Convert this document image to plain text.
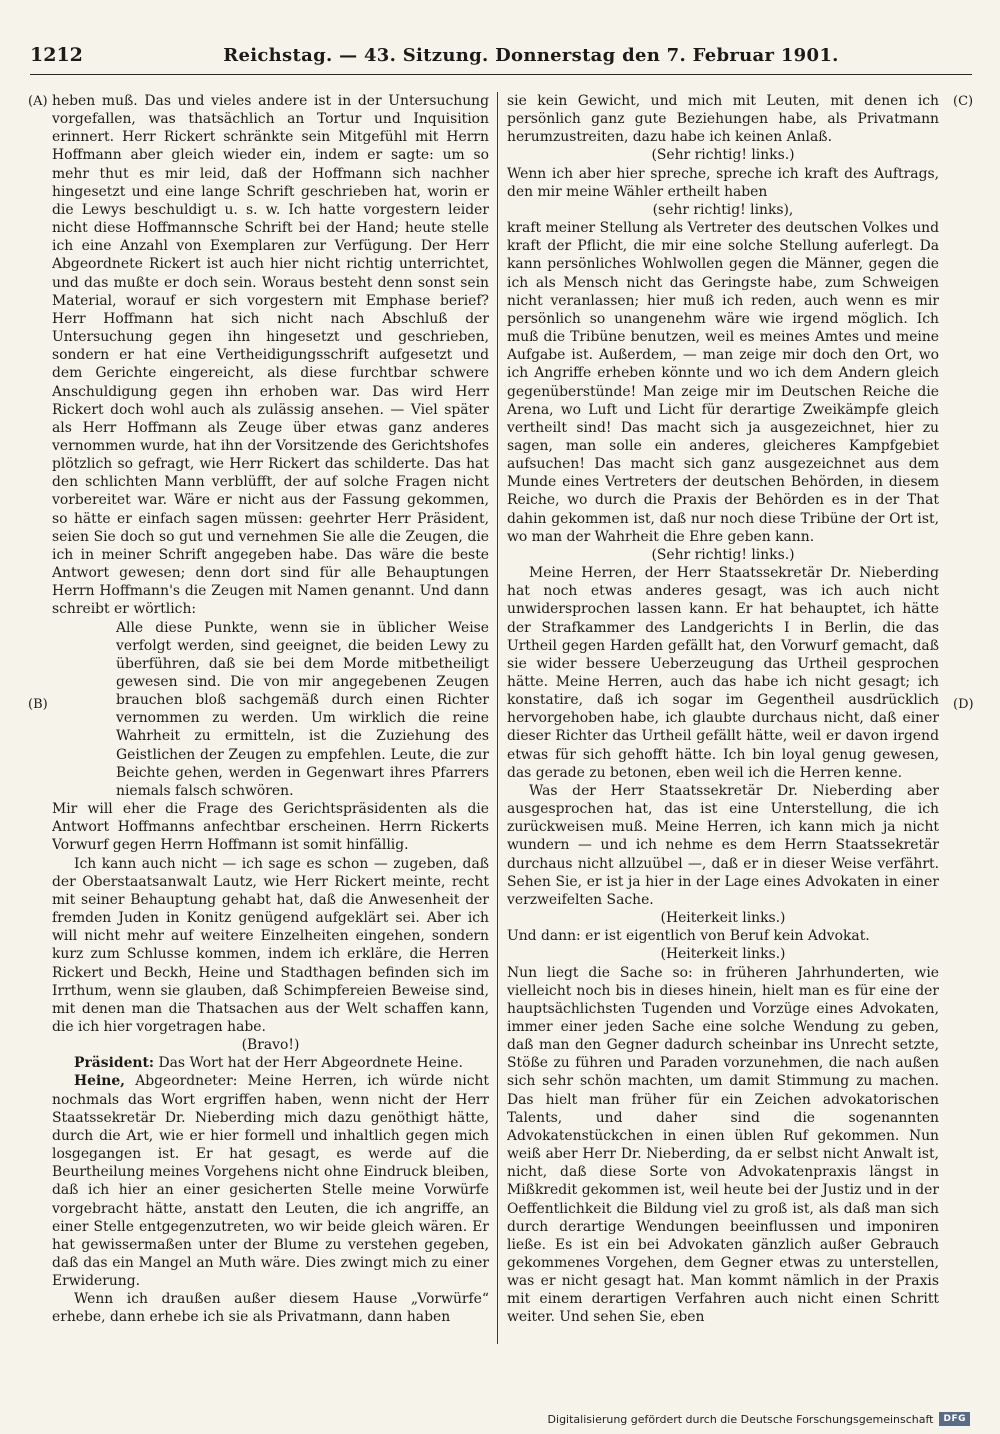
1212	Reichstag. — 43. Sitzung. Donnerstag den 7. Februar 1901.
(A)
(B)
(C)
(D)

heben muß. Das und vieles andere ist in der Untersuchung vorgefallen, was thatsächlich an Tortur und Inquisition erinnert. Herr Rickert schränkte sein Mitgefühl mit Herrn Hoffmann aber gleich wieder ein, indem er sagte: um so mehr thut es mir leid, daß der Hoffmann sich nachher hingesetzt und eine lange Schrift geschrieben hat, worin er die Lewys beschuldigt u. s. w. Ich hatte vorgestern leider nicht diese Hoffmannsche Schrift bei der Hand; heute stelle ich eine Anzahl von Exemplaren zur Verfügung. Der Herr Abgeordnete Rickert ist auch hier nicht richtig unterrichtet, und das mußte er doch sein. Woraus besteht denn sonst sein Material, worauf er sich vorgestern mit Emphase berief? Herr Hoffmann hat sich nicht nach Abschluß der Untersuchung gegen ihn hingesetzt und geschrieben, sondern er hat eine Vertheidigungsschrift aufgesetzt und dem Gerichte eingereicht, als diese furchtbar schwere Anschuldigung gegen ihn erhoben war. Das wird Herr Rickert doch wohl auch als zulässig ansehen. — Viel später als Herr Hoffmann als Zeuge über etwas ganz anderes vernommen wurde, hat ihn der Vorsitzende des Gerichtshofes plötzlich so gefragt, wie Herr Rickert das schilderte. Das hat den schlichten Mann verblüfft, der auf solche Fragen nicht vorbereitet war. Wäre er nicht aus der Fassung gekommen, so hätte er einfach sagen müssen: geehrter Herr Präsident, seien Sie doch so gut und vernehmen Sie alle die Zeugen, die ich in meiner Schrift angegeben habe. Das wäre die beste Antwort gewesen; denn dort sind für alle Behauptungen Herrn Hoffmann's die Zeugen mit Namen genannt. Und dann schreibt er wörtlich:

Alle diese Punkte, wenn sie in üblicher Weise verfolgt werden, sind geeignet, die beiden Lewy zu überführen, daß sie bei dem Morde mitbetheiligt gewesen sind. Die von mir angegebenen Zeugen brauchen bloß sachgemäß durch einen Richter vernommen zu werden. Um wirklich die reine Wahrheit zu ermitteln, ist die Zuziehung des Geistlichen der Zeugen zu empfehlen. Leute, die zur Beichte gehen, werden in Gegenwart ihres Pfarrers niemals falsch schwören.

Mir will eher die Frage des Gerichtspräsidenten als die Antwort Hoffmanns anfechtbar erscheinen. Herrn Rickerts Vorwurf gegen Herrn Hoffmann ist somit hinfällig.

Ich kann auch nicht — ich sage es schon — zugeben, daß der Oberstaatsanwalt Lautz, wie Herr Rickert meinte, recht mit seiner Behauptung gehabt hat, daß die Anwesenheit der fremden Juden in Konitz genügend aufgeklärt sei. Aber ich will nicht mehr auf weitere Einzelheiten eingehen, sondern kurz zum Schlusse kommen, indem ich erkläre, die Herren Rickert und Beckh, Heine und Stadthagen befinden sich im Irrthum, wenn sie glauben, daß Schimpfereien Beweise sind, mit denen man die Thatsachen aus der Welt schaffen kann, die ich hier vorgetragen habe.

(Bravo!)

Präsident: Das Wort hat der Herr Abgeordnete Heine.

Heine, Abgeordneter: Meine Herren, ich würde nicht nochmals das Wort ergriffen haben, wenn nicht der Herr Staatssekretär Dr. Nieberding mich dazu genöthigt hätte, durch die Art, wie er hier formell und inhaltlich gegen mich losgegangen ist. Er hat gesagt, es werde auf die Beurtheilung meines Vorgehens nicht ohne Eindruck bleiben, daß ich hier an einer gesicherten Stelle meine Vorwürfe vorgebracht hätte, anstatt den Leuten, die ich angriffe, an einer Stelle entgegenzutreten, wo wir beide gleich wären. Er hat gewissermaßen unter der Blume zu verstehen gegeben, daß das ein Mangel an Muth wäre. Dies zwingt mich zu einer Erwiderung.

Wenn ich draußen außer diesem Hause „Vorwürfe“ erhebe, dann erhebe ich sie als Privatmann, dann haben

sie kein Gewicht, und mich mit Leuten, mit denen ich persönlich ganz gute Beziehungen habe, als Privatmann herumzustreiten, dazu habe ich keinen Anlaß.

(Sehr richtig! links.)

Wenn ich aber hier spreche, spreche ich kraft des Auftrags, den mir meine Wähler ertheilt haben

(sehr richtig! links),

kraft meiner Stellung als Vertreter des deutschen Volkes und kraft der Pflicht, die mir eine solche Stellung auferlegt. Da kann persönliches Wohlwollen gegen die Männer, gegen die ich als Mensch nicht das Geringste habe, zum Schweigen nicht veranlassen; hier muß ich reden, auch wenn es mir persönlich so unangenehm wäre wie irgend möglich. Ich muß die Tribüne benutzen, weil es meines Amtes und meine Aufgabe ist. Außerdem, — man zeige mir doch den Ort, wo ich Angriffe erheben könnte und wo ich dem Andern gleich gegenüberstünde! Man zeige mir im Deutschen Reiche die Arena, wo Luft und Licht für derartige Zweikämpfe gleich vertheilt sind! Das macht sich ja ausgezeichnet, hier zu sagen, man solle ein anderes, gleicheres Kampfgebiet aufsuchen! Das macht sich ganz ausgezeichnet aus dem Munde eines Vertreters der deutschen Behörden, in diesem Reiche, wo durch die Praxis der Behörden es in der That dahin gekommen ist, daß nur noch diese Tribüne der Ort ist, wo man der Wahrheit die Ehre geben kann.

(Sehr richtig! links.)

Meine Herren, der Herr Staatssekretär Dr. Nieberding hat noch etwas anderes gesagt, was ich auch nicht unwidersprochen lassen kann. Er hat behauptet, ich hätte der Strafkammer des Landgerichts I in Berlin, die das Urtheil gegen Harden gefällt hat, den Vorwurf gemacht, daß sie wider bessere Ueberzeugung das Urtheil gesprochen hätte. Meine Herren, auch das habe ich nicht gesagt; ich konstatire, daß ich sogar im Gegentheil ausdrücklich hervorgehoben habe, ich glaubte durchaus nicht, daß einer dieser Richter das Urtheil gefällt hätte, weil er davon irgend etwas für sich gehofft hätte. Ich bin loyal genug gewesen, das gerade zu betonen, eben weil ich die Herren kenne.

Was der Herr Staatssekretär Dr. Nieberding aber ausgesprochen hat, das ist eine Unterstellung, die ich zurückweisen muß. Meine Herren, ich kann mich ja nicht wundern — und ich nehme es dem Herrn Staatssekretär durchaus nicht allzuübel —, daß er in dieser Weise verfährt. Sehen Sie, er ist ja hier in der Lage eines Advokaten in einer verzweifelten Sache.

(Heiterkeit links.)

Und dann: er ist eigentlich von Beruf kein Advokat.

(Heiterkeit links.)

Nun liegt die Sache so: in früheren Jahrhunderten, wie vielleicht noch bis in dieses hinein, hielt man es für eine der hauptsächlichsten Tugenden und Vorzüge eines Advokaten, immer einer jeden Sache eine solche Wendung zu geben, daß man den Gegner dadurch scheinbar ins Unrecht setzte, Stöße zu führen und Paraden vorzunehmen, die nach außen sich sehr schön machten, um damit Stimmung zu machen. Das hielt man früher für ein Zeichen advokatorischen Talents, und daher sind die sogenannten Advokatenstückchen in einen üblen Ruf gekommen. Nun weiß aber Herr Dr. Nieberding, da er selbst nicht Anwalt ist, nicht, daß diese Sorte von Advokatenpraxis längst in Mißkredit gekommen ist, weil heute bei der Justiz und in der Oeffentlichkeit die Bildung viel zu groß ist, als daß man sich durch derartige Wendungen beeinflussen und imponiren ließe. Es ist ein bei Advokaten gänzlich außer Gebrauch gekommenes Vorgehen, dem Gegner etwas zu unterstellen, was er nicht gesagt hat. Man kommt nämlich in der Praxis mit einem derartigen Verfahren auch nicht einen Schritt weiter. Und sehen Sie, eben

Digitalisierung gefördert durch die Deutsche Forschungsgemeinschaft	DFG
